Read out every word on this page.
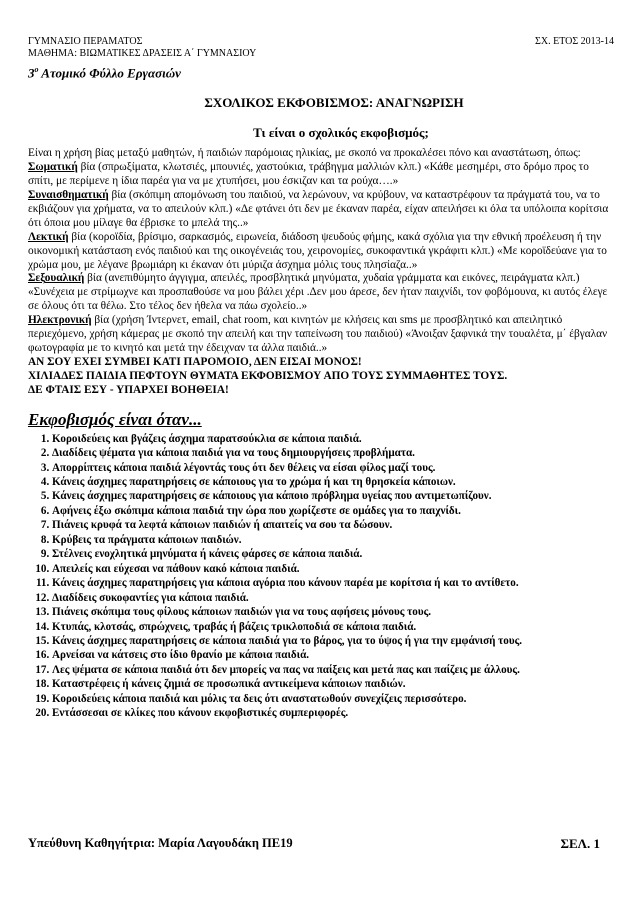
ΓΥΜΝΑΣΙΟ ΠΕΡΑΜΑΤΟΣ	ΣΧ. ΕΤΟΣ 2013-14
ΜΑΘΗΜΑ: ΒΙΩΜΑΤΙΚΕΣ ΔΡΑΣΕΙΣ Α΄ ΓΥΜΝΑΣΙΟΥ
$3^o$ Ατομικό Φύλλο Εργασιών
ΣΧΟΛΙΚΟΣ ΕΚΦΟΒΙΣΜΟΣ: ΑΝΑΓΝΩΡΙΣΗ
Τι είναι ο σχολικός εκφοβισμός;

Είναι η χρήση βίας μεταξύ μαθητών, ή παιδιών παρόμοιας ηλικίας, με σκοπό να προκαλέσει πόνο και αναστάτωση, όπως:

Σωματική βία (σπρωξίματα, κλωτσιές, μπουνιές, χαστούκια, τράβηγμα μαλλιών κλπ.) «Κάθε μεσημέρι, στο δρόμο προς το σπίτι, με περίμενε η ίδια παρέα για να με χτυπήσει, μου έσκιζαν και τα ρούχα….»

Συναισθηματική βία (σκόπιμη απομόνωση του παιδιού, να λερώνουν, να κρύβουν, να καταστρέφουν τα πράγματά του, να το εκβιάζουν για χρήματα, να το απειλούν κλπ.) «Δε φτάνει ότι δεν με έκαναν παρέα, είχαν απειλήσει κι όλα τα υπόλοιπα κορίτσια ότι όποια μου μίλαγε θα έβρισκε το μπελά της..»

Λεκτική βία (κοροϊδία, βρίσιμο, σαρκασμός, ειρωνεία, διάδοση ψευδούς φήμης, κακά σχόλια για την εθνική προέλευση ή την οικονομική κατάσταση ενός παιδιού και της οικογένειάς του, χειρονομίες, συκοφαντικά γκράφιτι κλπ.) «Με κοροϊδεύανε για το χρώμα μου, με λέγανε βρωμιάρη κι έκαναν ότι μύριζα άσχημα μόλις τους πλησίαζα..»

Σεξουαλική βία (ανεπιθύμητο άγγιγμα, απειλές, προσβλητικά μηνύματα, χυδαία γράμματα και εικόνες, πειράγματα κλπ.) «Συνέχεια με στρίμωχνε και προσπαθούσε να μου βάλει χέρι .Δεν μου άρεσε, δεν ήταν παιχνίδι, τον φοβόμουνα, κι αυτός έλεγε σε όλους ότι τα θέλω. Στο τέλος δεν ήθελα να πάω σχολείο..»

Ηλεκτρονική βία (χρήση Ίντερνετ, email, chat room, και κινητών με κλήσεις και sms με προσβλητικό και απειλητικό περιεχόμενο, χρήση κάμερας με σκοπό την απειλή και την ταπείνωση του παιδιού) «Άνοιξαν ξαφνικά την τουαλέτα, μ΄ έβγαλαν φωτογραφία με το κινητό και μετά την έδειχναν τα άλλα παιδιά..»

ΑΝ ΣΟΥ ΕΧΕΙ ΣΥΜΒΕΙ ΚΑΤΙ ΠΑΡΟΜΟΙΟ, ΔΕΝ ΕΙΣΑΙ ΜΟΝΟΣ!
ΧΙΛΙΑΔΕΣ ΠΑΙΔΙΑ ΠΕΦΤΟΥΝ ΘΥΜΑΤΑ ΕΚΦΟΒΙΣΜΟΥ ΑΠΟ ΤΟΥΣ ΣΥΜΜΑΘΗΤΕΣ ΤΟΥΣ.
ΔΕ ΦΤΑΙΣ ΕΣΥ - ΥΠΑΡΧΕΙ ΒΟΗΘΕΙΑ!
Εκφοβισμός είναι όταν...
1. Κοροιδεύεις και βγάζεις άσχημα παρατσούκλια σε κάποια παιδιά.
2. Διαδίδεις ψέματα για κάποια παιδιά για να τους δημιουργήσεις προβλήματα.
3. Απορρίπτεις κάποια παιδιά λέγοντάς τους ότι δεν θέλεις να είσαι φίλος μαζί τους.
4. Κάνεις άσχημες παρατηρήσεις σε κάποιους για το χρώμα ή και τη θρησκεία κάποιων.
5. Κάνεις άσχημες παρατηρήσεις σε κάποιους για κάποιο πρόβλημα υγείας που αντιμετωπίζουν.
6. Αφήνεις έξω σκόπιμα κάποια παιδιά την ώρα που χωρίζεστε σε ομάδες για το παιχνίδι.
7. Πιάνεις κρυφά τα λεφτά κάποιων παιδιών ή απαιτείς να σου τα δώσουν.
8. Κρύβεις τα πράγματα κάποιων παιδιών.
9. Στέλνεις ενοχλητικά μηνύματα ή κάνεις φάρσες σε κάποια παιδιά.
10. Απειλείς και εύχεσαι να πάθουν κακό κάποια παιδιά.
11. Κάνεις άσχημες παρατηρήσεις για κάποια αγόρια που κάνουν παρέα με κορίτσια ή και το αντίθετο.
12. Διαδίδεις συκοφαντίες για κάποια παιδιά.
13. Πιάνεις σκόπιμα τους φίλους κάποιων παιδιών για να τους αφήσεις μόνους τους.
14. Κτυπάς, κλοτσάς, σπρώχνεις, τραβάς ή βάζεις τρικλοποδιά σε κάποια παιδιά.
15. Κάνεις άσχημες παρατηρήσεις σε κάποια παιδιά για το βάρος, για το ύψος ή για την εμφάνισή τους.
16. Αρνείσαι να κάτσεις στο ίδιο θρανίο με κάποια παιδιά.
17. Λες ψέματα σε κάποια παιδιά ότι δεν μπορείς να πας να παίξεις και μετά πας και παίζεις με άλλους.
18. Καταστρέφεις ή κάνεις ζημιά σε προσωπικά αντικείμενα κάποιων παιδιών.
19. Κοροιδεύεις κάποια παιδιά και μόλις τα δεις ότι αναστατωθούν συνεχίζεις περισσότερο.
20. Εντάσσεσαι σε κλίκες που κάνουν εκφοβιστικές συμπεριφορές.
Υπεύθυνη Καθηγήτρια: Μαρία Λαγουδάκη ΠΕ19	ΣΕΛ. 1
